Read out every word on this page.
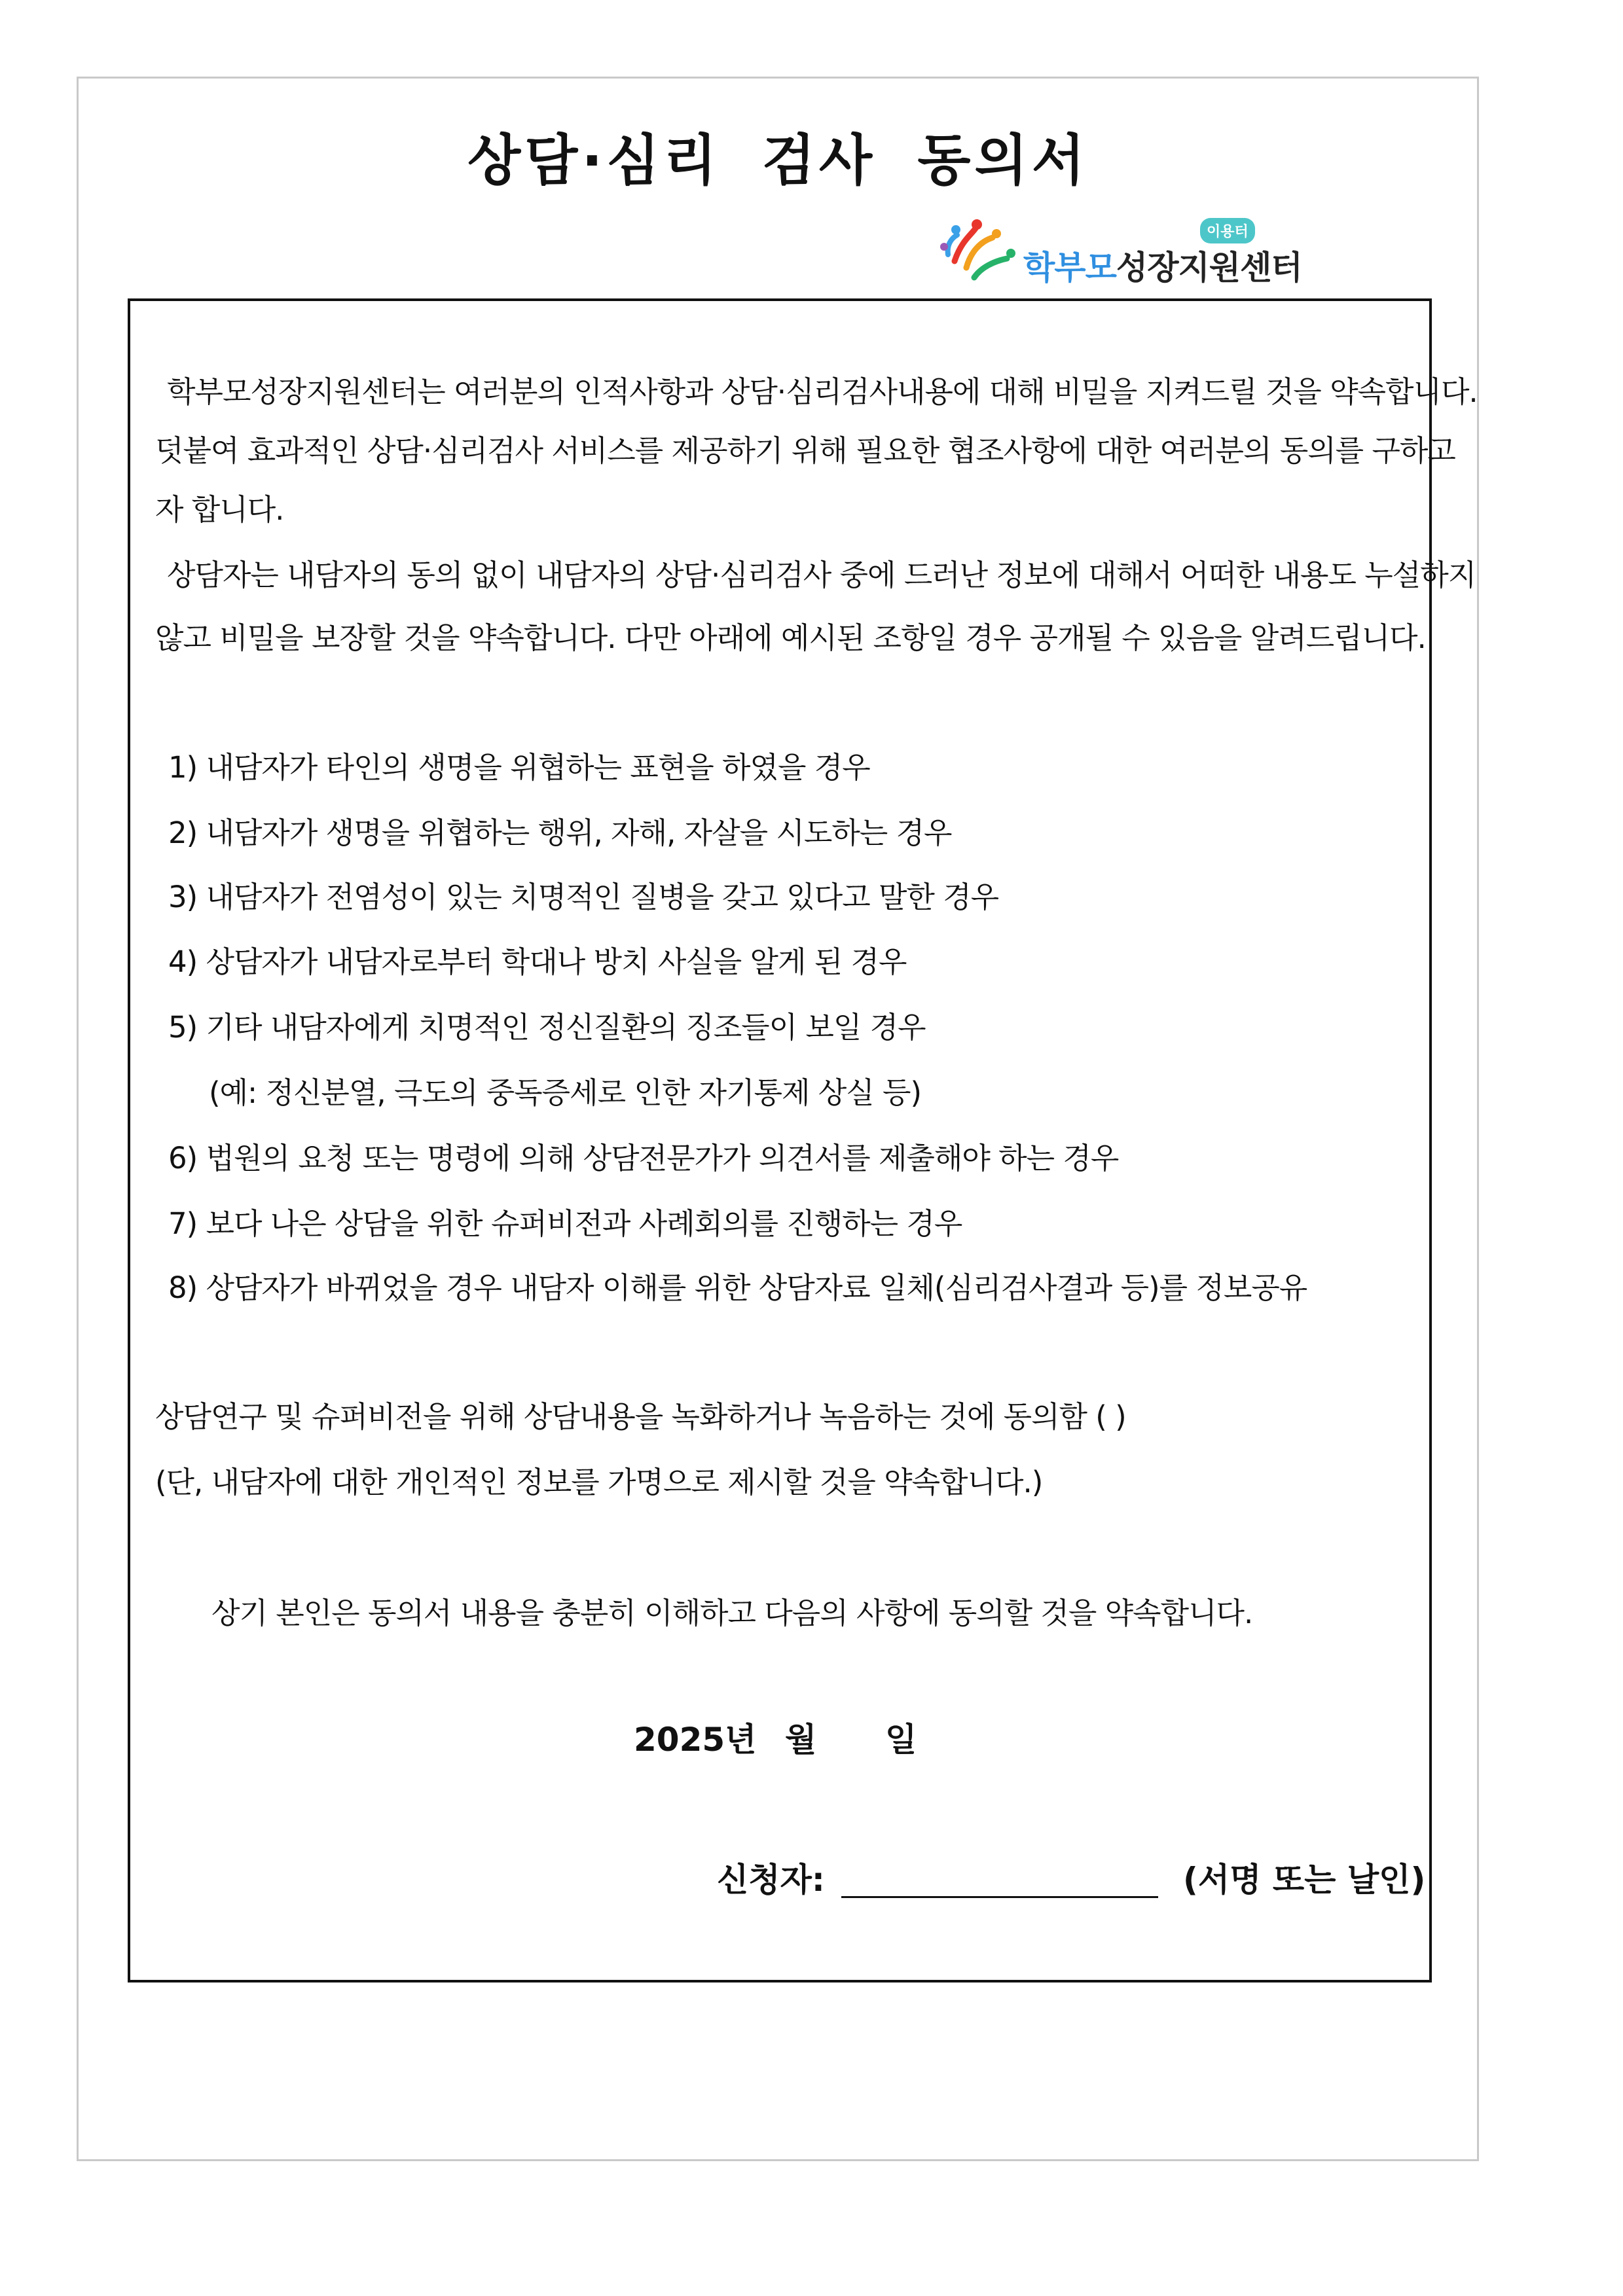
상담·심리 검사 동의서
이용터
학부모성장지원센터
학부모성장지원센터는 여러분의 인적사항과 상담·심리검사내용에 대해 비밀을 지켜드릴 것을 약속합니다.
덧붙여 효과적인 상담·심리검사 서비스를 제공하기 위해 필요한 협조사항에 대한 여러분의 동의를 구하고
자 합니다.
상담자는 내담자의 동의 없이 내담자의 상담·심리검사 중에 드러난 정보에 대해서 어떠한 내용도 누설하지
않고 비밀을 보장할 것을 약속합니다. 다만 아래에 예시된 조항일 경우 공개될 수 있음을 알려드립니다.
1) 내담자가 타인의 생명을 위협하는 표현을 하였을 경우
2) 내담자가 생명을 위협하는 행위, 자해, 자살을 시도하는 경우
3) 내담자가 전염성이 있는 치명적인 질병을 갖고 있다고 말한 경우
4) 상담자가 내담자로부터 학대나 방치 사실을 알게 된 경우
5) 기타 내담자에게 치명적인 정신질환의 징조들이 보일 경우
(예: 정신분열, 극도의 중독증세로 인한 자기통제 상실 등)
6) 법원의 요청 또는 명령에 의해 상담전문가가 의견서를 제출해야 하는 경우
7) 보다 나은 상담을 위한 슈퍼비전과 사례회의를 진행하는 경우
8) 상담자가 바뀌었을 경우 내담자 이해를 위한 상담자료 일체(심리검사결과 등)를 정보공유
상담연구 및 슈퍼비전을 위해 상담내용을 녹화하거나 녹음하는 것에 동의함 ( )
(단, 내담자에 대한 개인적인 정보를 가명으로 제시할 것을 약속합니다.)
상기 본인은 동의서 내용을 충분히 이해하고 다음의 사항에 동의할 것을 약속합니다.
2025년 월 일
신청자:	(서명 또는 날인)
